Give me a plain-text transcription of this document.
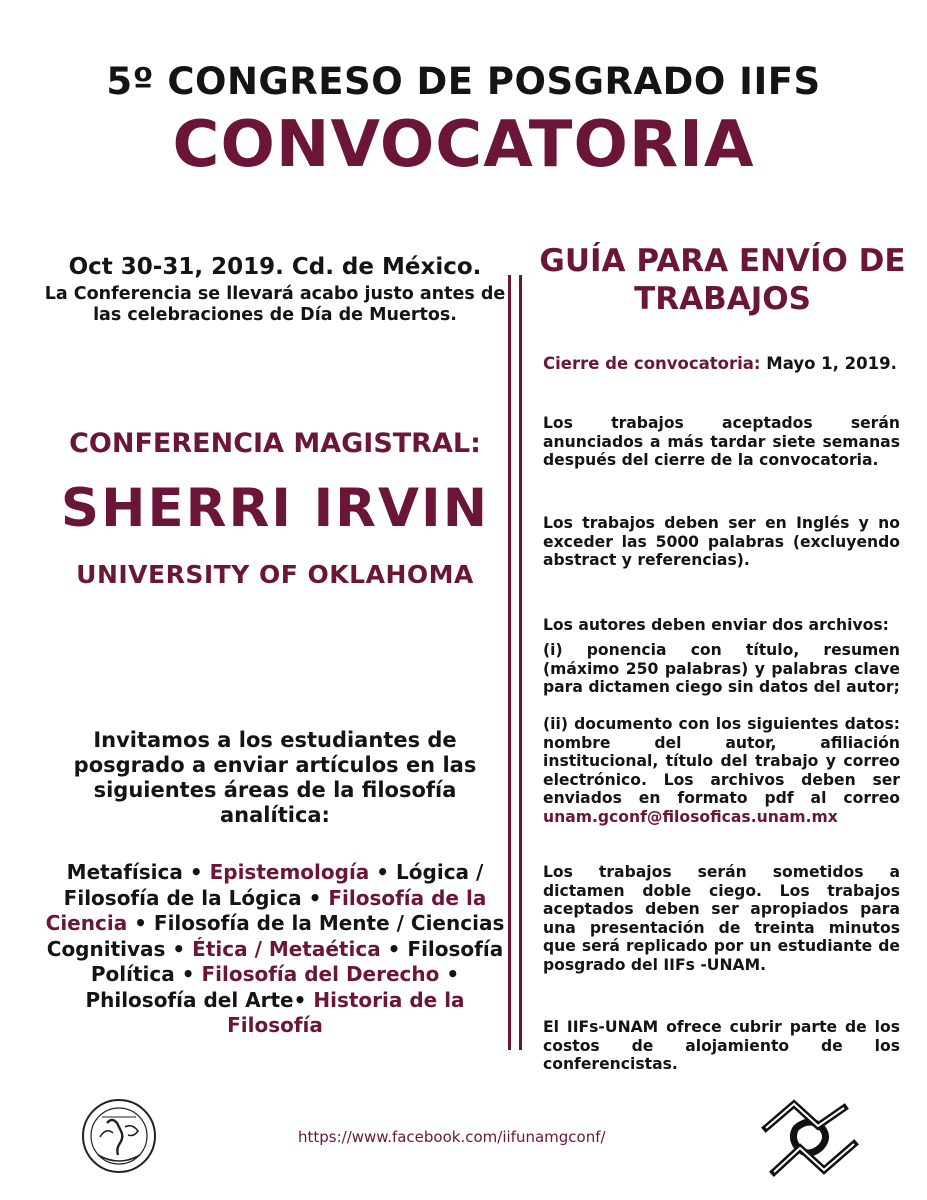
5º CONGRESO DE POSGRADO IIFS
CONVOCATORIA
Oct 30-31, 2019. Cd. de México.
La Conferencia se llevará acabo justo antes de las celebraciones de Día de Muertos.
CONFERENCIA MAGISTRAL:
SHERRI IRVIN
UNIVERSITY OF OKLAHOMA
Invitamos a los estudiantes de posgrado a enviar artículos en las siguientes áreas de la filosofía analítica:
Metafísica • Epistemología • Lógica / Filosofía de la Lógica • Filosofía de la Ciencia • Filosofía de la Mente / Ciencias Cognitivas • Ética / Metaética • Filosofía Política • Filosofía del Derecho • Philosofía del Arte• Historia de la Filosofía
GUÍA PARA ENVÍO DE TRABAJOS
Cierre de convocatoria: Mayo 1, 2019.
Los trabajos aceptados serán anunciados a más tardar siete semanas después del cierre de la convocatoria.
Los trabajos deben ser en Inglés y no exceder las 5000 palabras (excluyendo abstract y referencias).
Los autores deben enviar dos archivos:
(i) ponencia con título, resumen (máximo 250 palabras) y palabras clave para dictamen ciego sin datos del autor;
(ii) documento con los siguientes datos: nombre del autor, afiliación institucional, título del trabajo y correo electrónico. Los archivos deben ser enviados en formato pdf al correo unam.gconf@filosoficas.unam.mx
Los trabajos serán sometidos a dictamen doble ciego. Los trabajos aceptados deben ser apropiados para una presentación de treinta minutos que será replicado por un estudiante de posgrado del IIFs -UNAM.
El IIFs-UNAM ofrece cubrir parte de los costos de alojamiento de los conferencistas.
https://www.facebook.com/iifunamgconf/
